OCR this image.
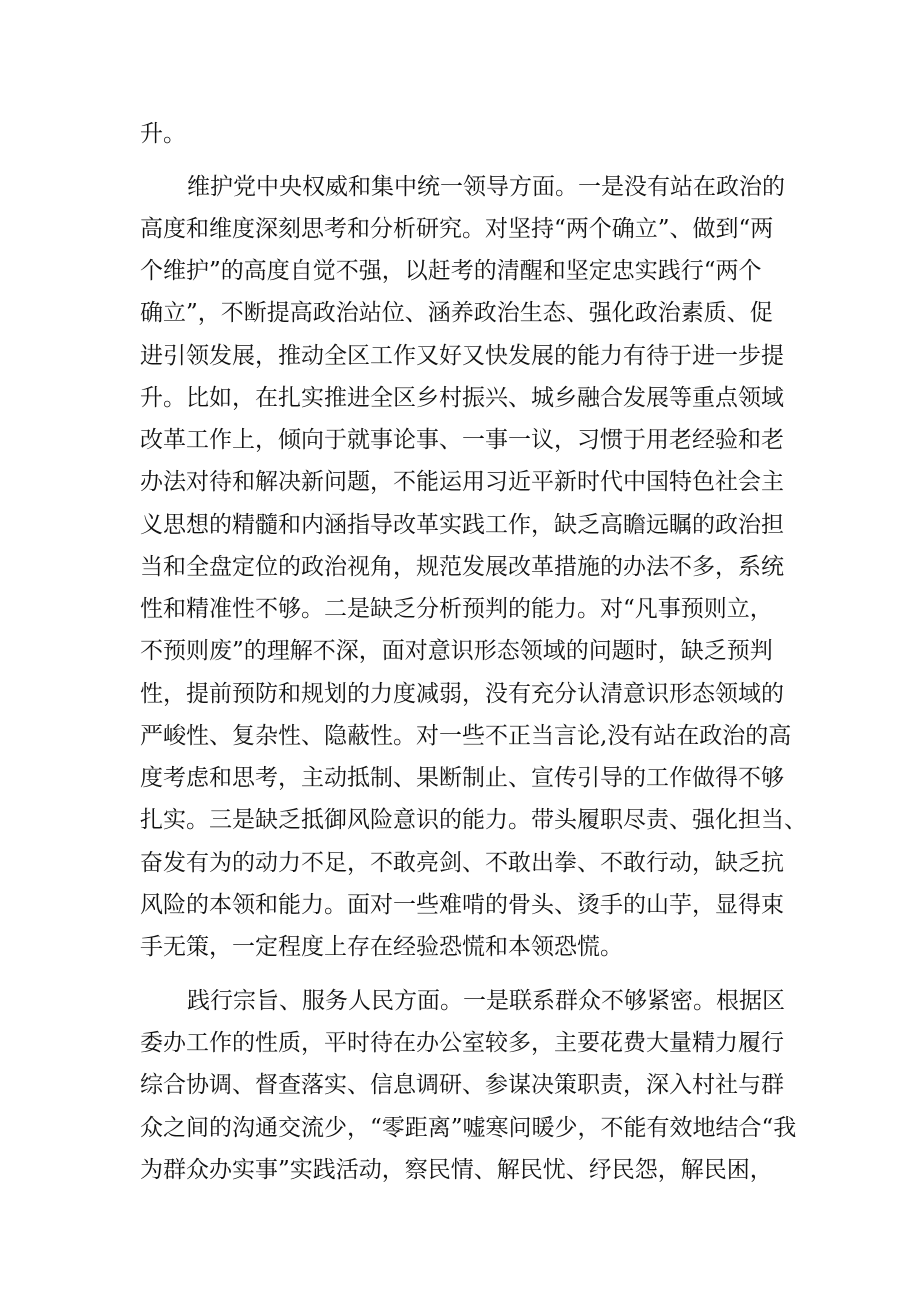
升。
维护党中央权威和集中统一领导方面。一是没有站在政治的
高度和维度深刻思考和分析研究。对坚持“两个确立”、做到“两
个维护”的高度自觉不强，以赶考的清醒和坚定忠实践行“两个
确立”，不断提高政治站位、涵养政治生态、强化政治素质、促
进引领发展，推动全区工作又好又快发展的能力有待于进一步提
升。比如，在扎实推进全区乡村振兴、城乡融合发展等重点领域
改革工作上，倾向于就事论事、一事一议，习惯于用老经验和老
办法对待和解决新问题，不能运用习近平新时代中国特色社会主
义思想的精髓和内涵指导改革实践工作，缺乏高瞻远瞩的政治担
当和全盘定位的政治视角，规范发展改革措施的办法不多，系统
性和精准性不够。二是缺乏分析预判的能力。对“凡事预则立，
不预则废”的理解不深，面对意识形态领域的问题时，缺乏预判
性，提前预防和规划的力度减弱，没有充分认清意识形态领域的
严峻性、复杂性、隐蔽性。对一些不正当言论,没有站在政治的高
度考虑和思考，主动抵制、果断制止、宣传引导的工作做得不够
扎实。三是缺乏抵御风险意识的能力。带头履职尽责、强化担当、
奋发有为的动力不足，不敢亮剑、不敢出拳、不敢行动，缺乏抗
风险的本领和能力。面对一些难啃的骨头、烫手的山芋，显得束
手无策，一定程度上存在经验恐慌和本领恐慌。
践行宗旨、服务人民方面。一是联系群众不够紧密。根据区
委办工作的性质，平时待在办公室较多，主要花费大量精力履行
综合协调、督查落实、信息调研、参谋决策职责，深入村社与群
众之间的沟通交流少，“零距离”嘘寒问暖少，不能有效地结合“我
为群众办实事”实践活动，察民情、解民忧、纾民怨，解民困，
